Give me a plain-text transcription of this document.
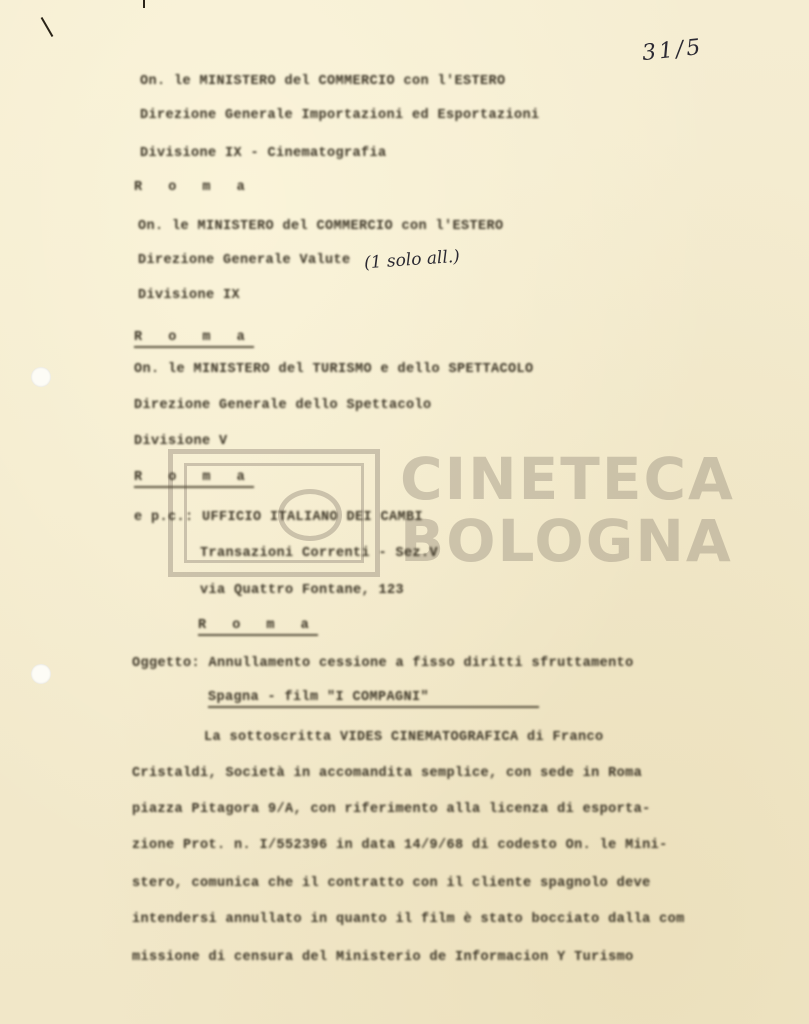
31/5
CINETECA
BOLOGNA
On. le MINISTERO del COMMERCIO con l'ESTERO
Direzione Generale Importazioni ed Esportazioni
Divisione IX - Cinematografia
R o m a
On. le MINISTERO del COMMERCIO con l'ESTERO
Direzione Generale Valute
Divisione IX
R o m a
(1 solo all.)
On. le MINISTERO del TURISMO e dello SPETTACOLO
Direzione Generale dello Spettacolo
Divisione V
R o m a
e p.c.: UFFICIO ITALIANO DEI CAMBI
Transazioni Correnti - Sez.V
via Quattro Fontane, 123
R o m a
Oggetto: Annullamento cessione a fisso diritti sfruttamento
Spagna - film "I COMPAGNI"
La sottoscritta VIDES CINEMATOGRAFICA di Franco
Cristaldi, Società in accomandita semplice, con sede in Roma
piazza Pitagora 9/A, con riferimento alla licenza di esporta-
zione Prot. n. I/552396 in data 14/9/68 di codesto On. le Mini-
stero, comunica che il contratto con il cliente spagnolo deve
intendersi annullato in quanto il film è stato bocciato dalla com
missione di censura del Ministerio de Informacion Y Turismo
